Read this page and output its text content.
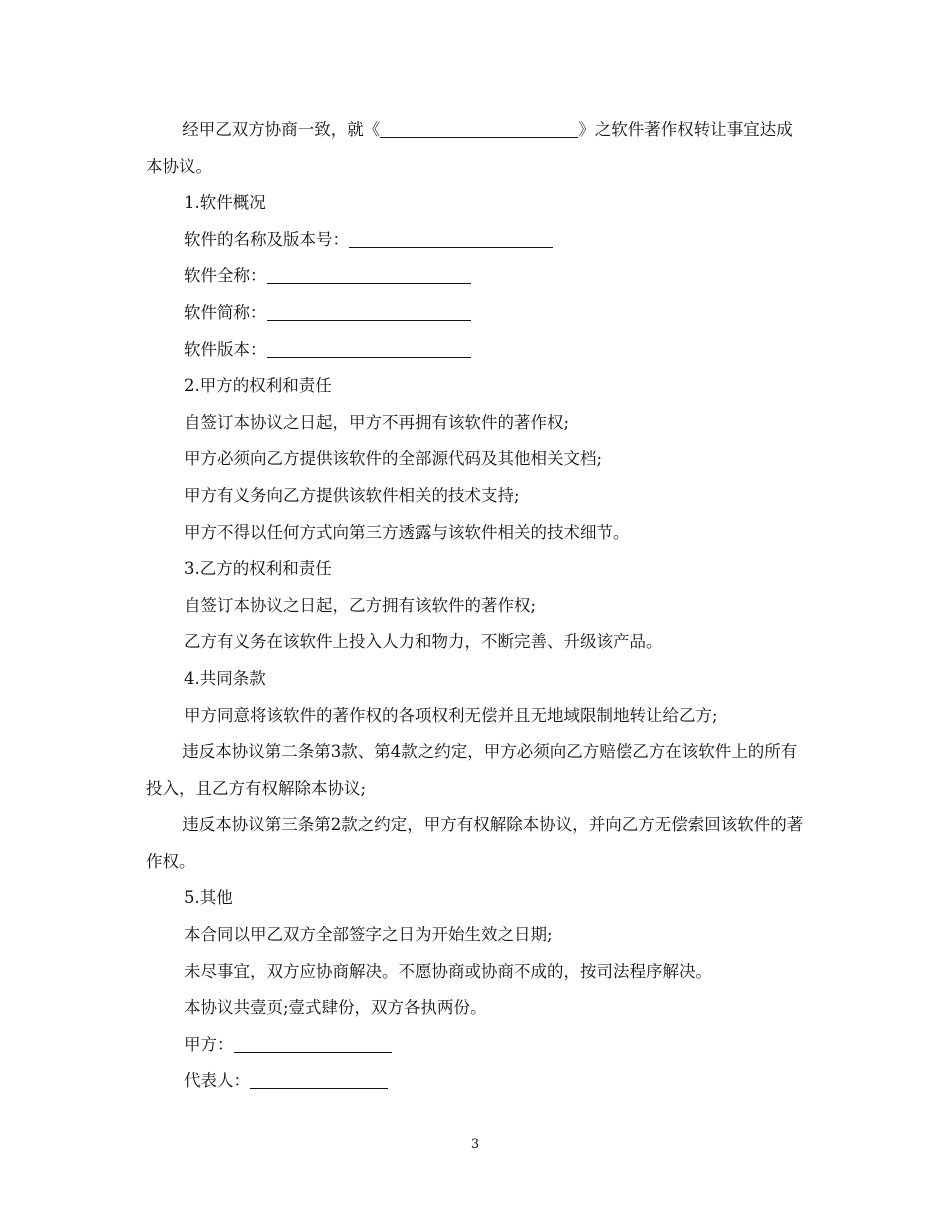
经甲乙双方协商一致，就《	》之软件著作权转让事宜达成本协议。

1.软件概况

软件的名称及版本号：

软件全称：

软件简称：

软件版本：

2.甲方的权利和责任

自签订本协议之日起，甲方不再拥有该软件的著作权;

甲方必须向乙方提供该软件的全部源代码及其他相关文档;

甲方有义务向乙方提供该软件相关的技术支持;

甲方不得以任何方式向第三方透露与该软件相关的技术细节。

3.乙方的权利和责任

自签订本协议之日起，乙方拥有该软件的著作权;

乙方有义务在该软件上投入人力和物力，不断完善、升级该产品。

4.共同条款

甲方同意将该软件的著作权的各项权利无偿并且无地域限制地转让给乙方;

违反本协议第二条第3款、第4款之约定，甲方必须向乙方赔偿乙方在该软件上的所有投入，且乙方有权解除本协议;

违反本协议第三条第2款之约定，甲方有权解除本协议，并向乙方无偿索回该软件的著作权。

5.其他

本合同以甲乙双方全部签字之日为开始生效之日期;

未尽事宜，双方应协商解决。不愿协商或协商不成的，按司法程序解决。

本协议共壹页;壹式肆份，双方各执两份。

甲方：

代表人：

3
